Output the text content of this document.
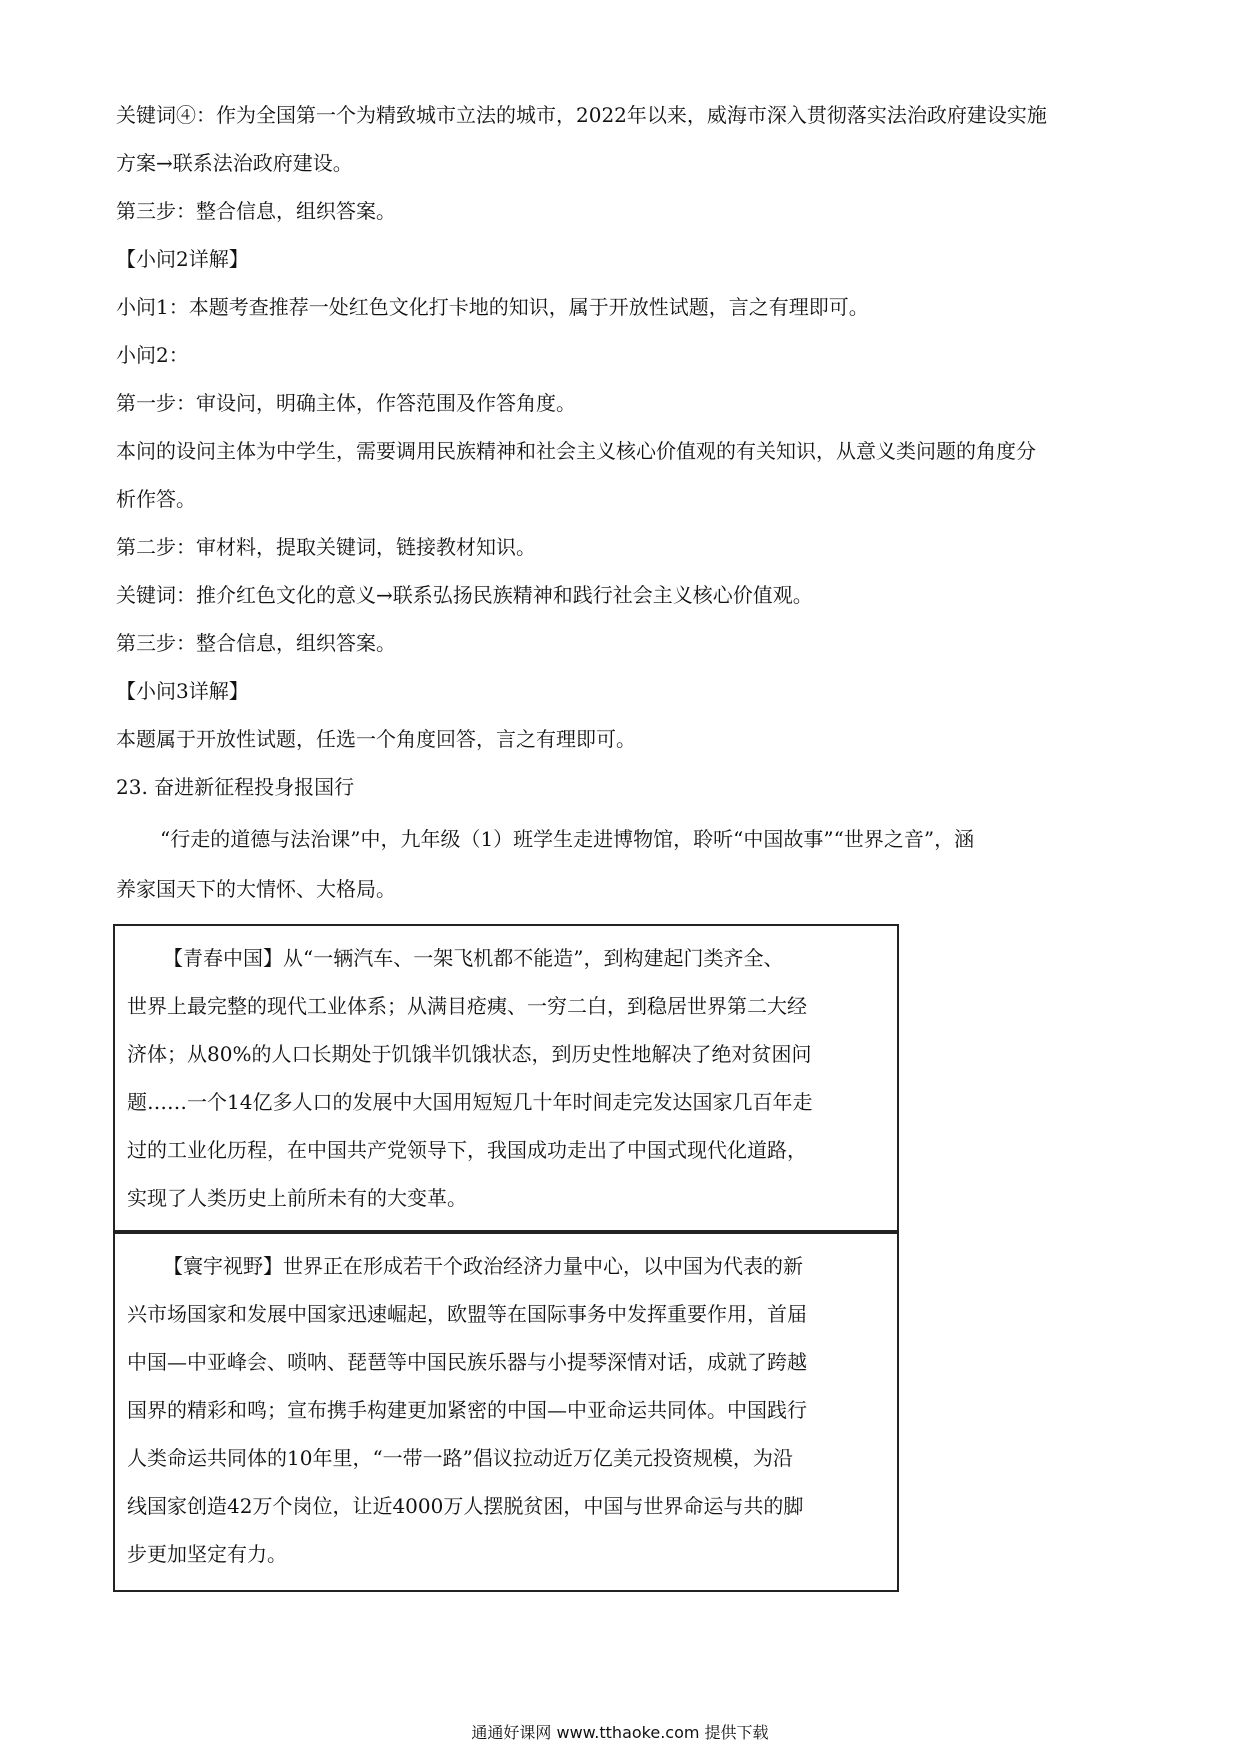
关键词④：作为全国第一个为精致城市立法的城市，2022年以来，威海市深入贯彻落实法治政府建设实施
方案→联系法治政府建设。
第三步：整合信息，组织答案。
【小问2详解】
小问1：本题考查推荐一处红色文化打卡地的知识，属于开放性试题，言之有理即可。
小问2：
第一步：审设问，明确主体，作答范围及作答角度。
本问的设问主体为中学生，需要调用民族精神和社会主义核心价值观的有关知识，从意义类问题的角度分
析作答。
第二步：审材料，提取关键词，链接教材知识。
关键词：推介红色文化的意义→联系弘扬民族精神和践行社会主义核心价值观。
第三步：整合信息，组织答案。
【小问3详解】
本题属于开放性试题，任选一个角度回答，言之有理即可。
23. 奋进新征程投身报国行
“行走的道德与法治课”中，九年级（1）班学生走进博物馆，聆听“中国故事”“世界之音”，涵
养家国天下的大情怀、大格局。

【青春中国】从“一辆汽车、一架飞机都不能造”，到构建起门类齐全、

世界上最完整的现代工业体系；从满目疮痍、一穷二白，到稳居世界第二大经

济体；从80%的人口长期处于饥饿半饥饿状态，到历史性地解决了绝对贫困问

题……一个14亿多人口的发展中大国用短短几十年时间走完发达国家几百年走

过的工业化历程，在中国共产党领导下，我国成功走出了中国式现代化道路，

实现了人类历史上前所未有的大变革。

【寰宇视野】世界正在形成若干个政治经济力量中心，以中国为代表的新

兴市场国家和发展中国家迅速崛起，欧盟等在国际事务中发挥重要作用，首届

中国—中亚峰会、唢呐、琵琶等中国民族乐器与小提琴深情对话，成就了跨越

国界的精彩和鸣；宣布携手构建更加紧密的中国—中亚命运共同体。中国践行

人类命运共同体的10年里，“一带一路”倡议拉动近万亿美元投资规模，为沿

线国家创造42万个岗位，让近4000万人摆脱贫困，中国与世界命运与共的脚

步更加坚定有力。

通通好课网 www.tthaoke.com 提供下载
